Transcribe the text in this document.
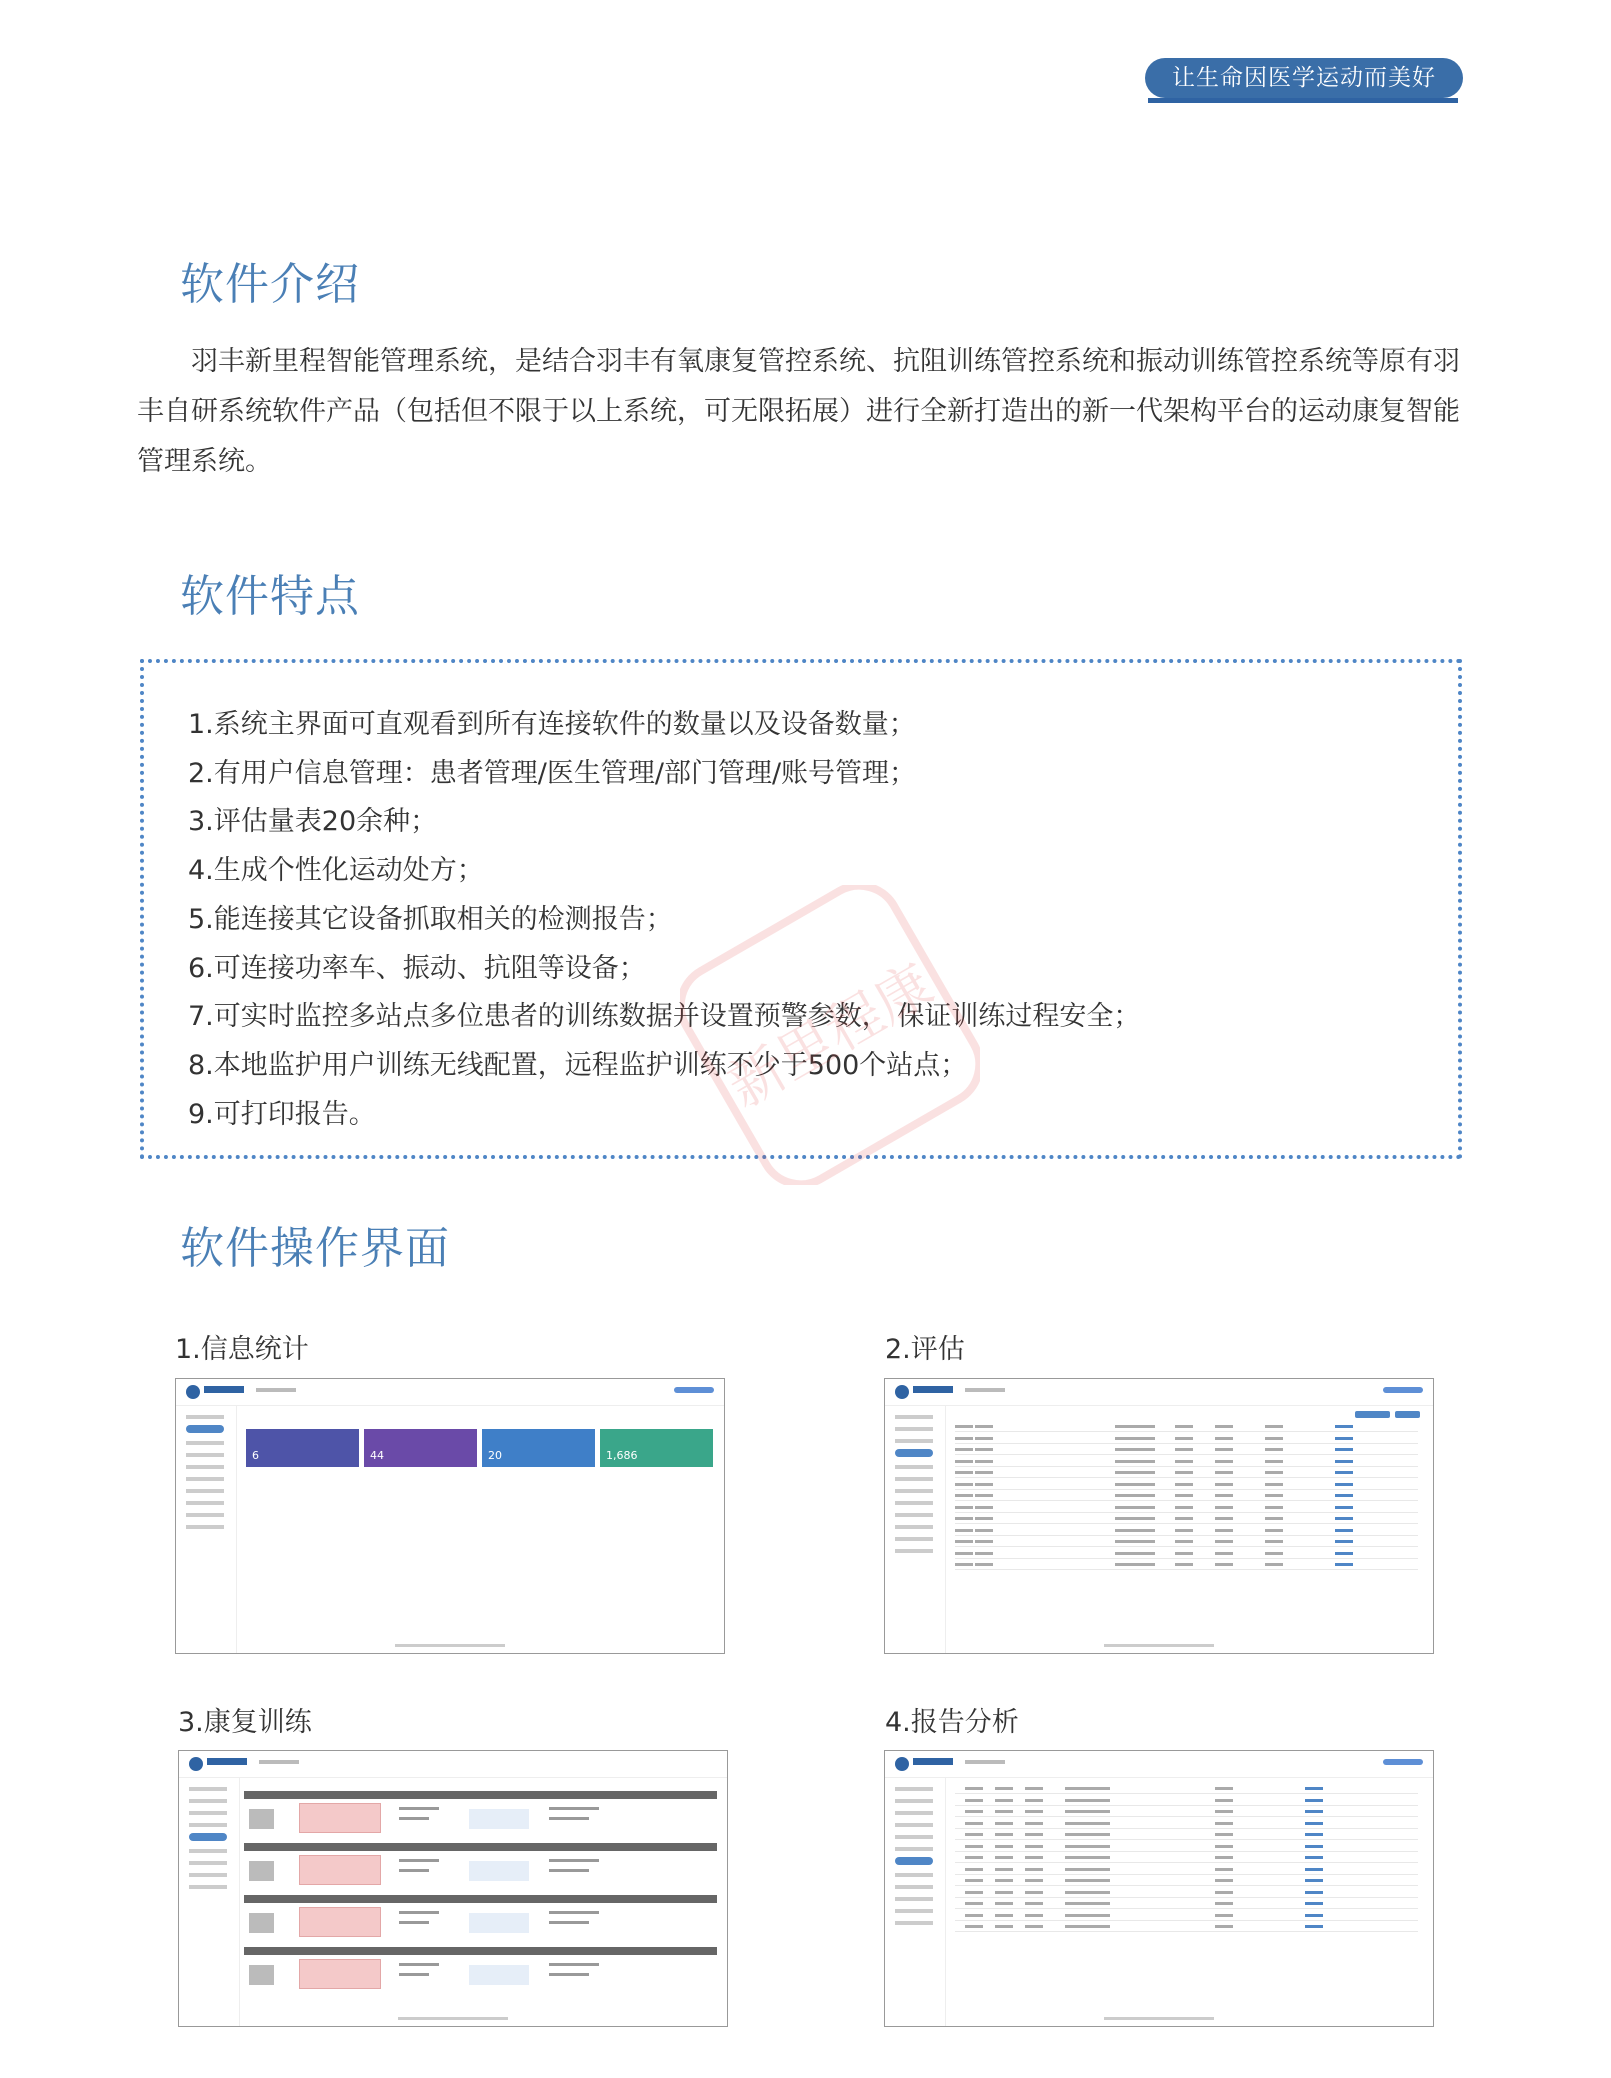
让生命因医学运动而美好
软件介绍

羽丰新里程智能管理系统，是结合羽丰有氧康复管控系统、抗阻训练管控系统和振动训练管控系统等原有羽丰自研系统软件产品（包括但不限于以上系统，可无限拓展）进行全新打造出的新一代架构平台的运动康复智能管理系统。

软件特点
1.系统主界面可直观看到所有连接软件的数量以及设备数量；
2.有用户信息管理：患者管理/医生管理/部门管理/账号管理；
3.评估量表20余种；
4.生成个性化运动处方；
5.能连接其它设备抓取相关的检测报告；
6.可连接功率车、振动、抗阻等设备；
7.可实时监控多站点多位患者的训练数据并设置预警参数， 保证训练过程安全；
8.本地监护用户训练无线配置，远程监护训练不少于500个站点；
9.可打印报告。	新里程康
软件操作界面
1.信息统计	2.评估
3.康复训练	4.报告分析
6	44	20	1,686
